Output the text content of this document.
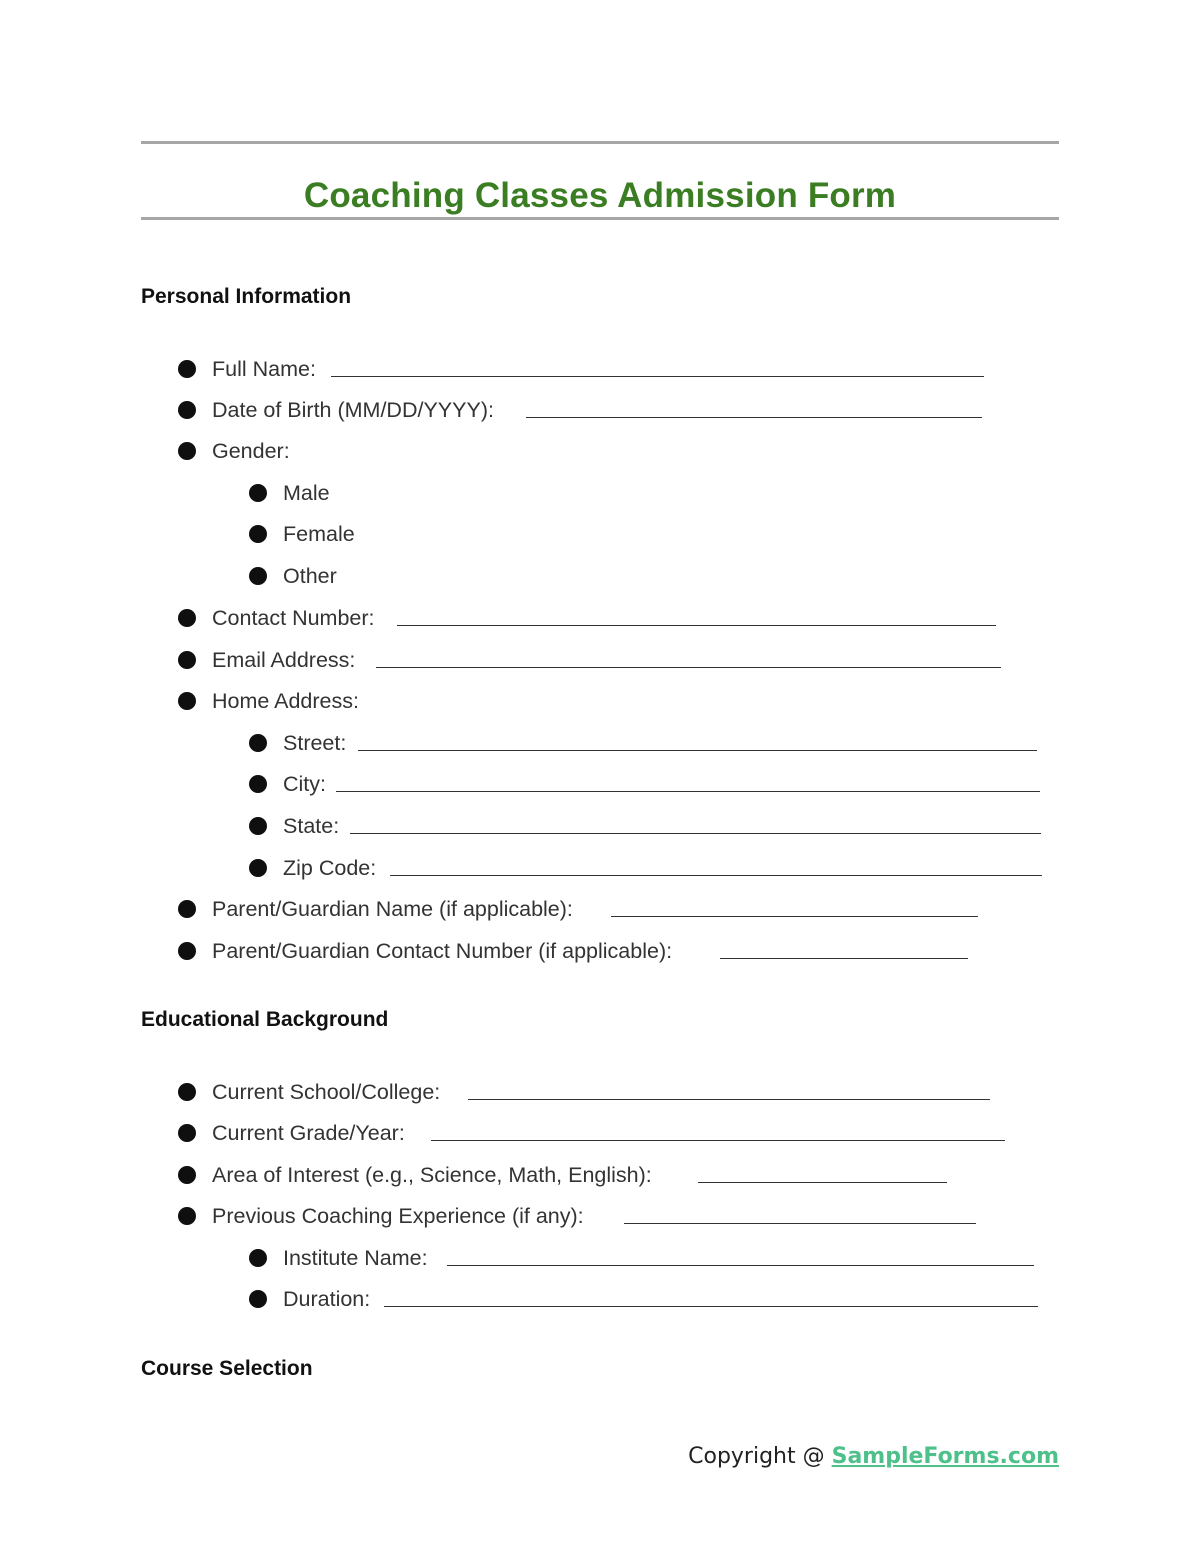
Coaching Classes Admission Form
Personal Information
Full Name:
Date of Birth (MM/DD/YYYY):
Gender:
Male
Female
Other
Contact Number:
Email Address:
Home Address:
Street:
City:
State:
Zip Code:
Parent/Guardian Name (if applicable):
Parent/Guardian Contact Number (if applicable):
Educational Background
Current School/College:
Current Grade/Year:
Area of Interest (e.g., Science, Math, English):
Previous Coaching Experience (if any):
Institute Name:
Duration:
Course Selection
Copyright @ SampleForms.com
